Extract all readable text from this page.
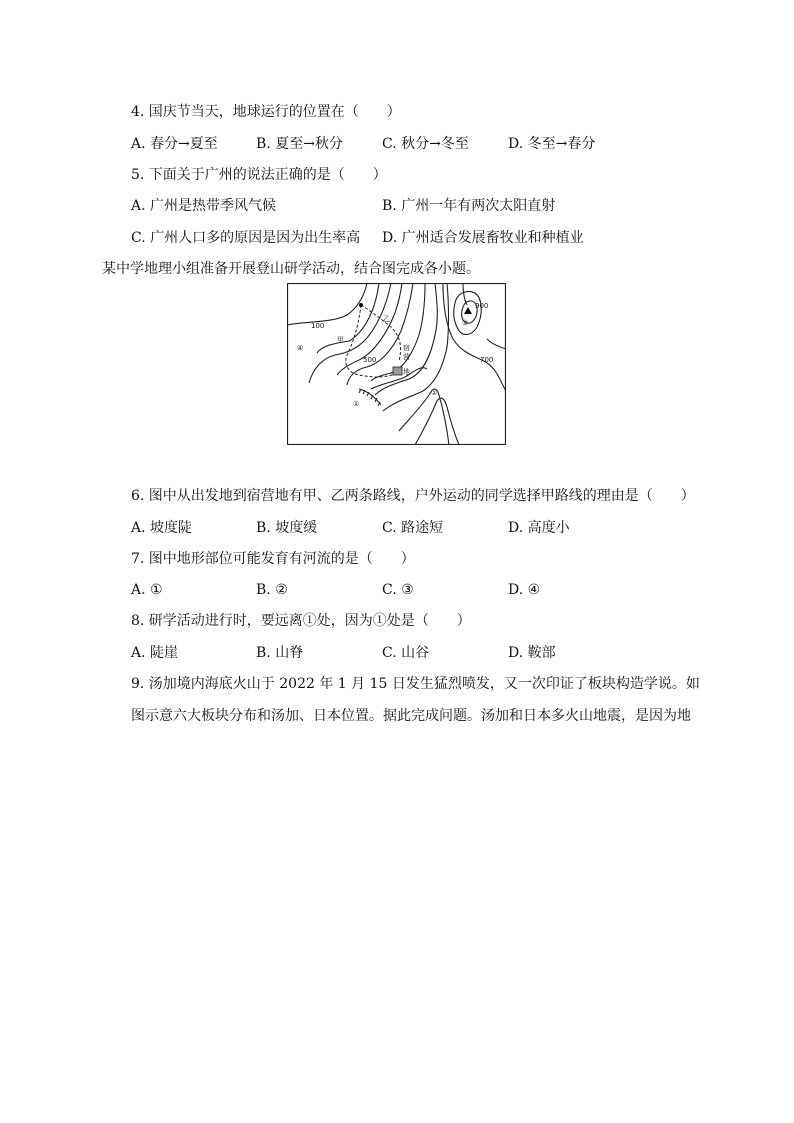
4. 国庆节当天，地球运行的位置在（　　）
A. 春分→夏至	B. 夏至→秋分	C. 秋分→冬至	D. 冬至→春分
5. 下面关于广州的说法正确的是（　　）
A. 广州是热带季风气候	B. 广州一年有两次太阳直射
C. 广州人口多的原因是因为出生率高 D. 广州适合发展畜牧业和种植业
某中学地理小组准备开展登山研学活动，结合图完成各小题。
100
500	700
900
甲
乙
宿
营
地
①
②
③
④
6. 图中从出发地到宿营地有甲、乙两条路线，户外运动的同学选择甲路线的理由是（　　）
A. 坡度陡	B. 坡度缓	C. 路途短	D. 高度小
7. 图中地形部位可能发育有河流的是（　　）
A. ①	B. ②	C. ③	D. ④
8. 研学活动进行时，要远离①处，因为①处是（　　）
A. 陡崖	B. 山脊	C. 山谷	D. 鞍部
9. 汤加境内海底火山于 2022 年 1 月 15 日发生猛烈喷发，又一次印证了板块构造学说。如
图示意六大板块分布和汤加、日本位置。据此完成问题。汤加和日本多火山地震，是因为地
